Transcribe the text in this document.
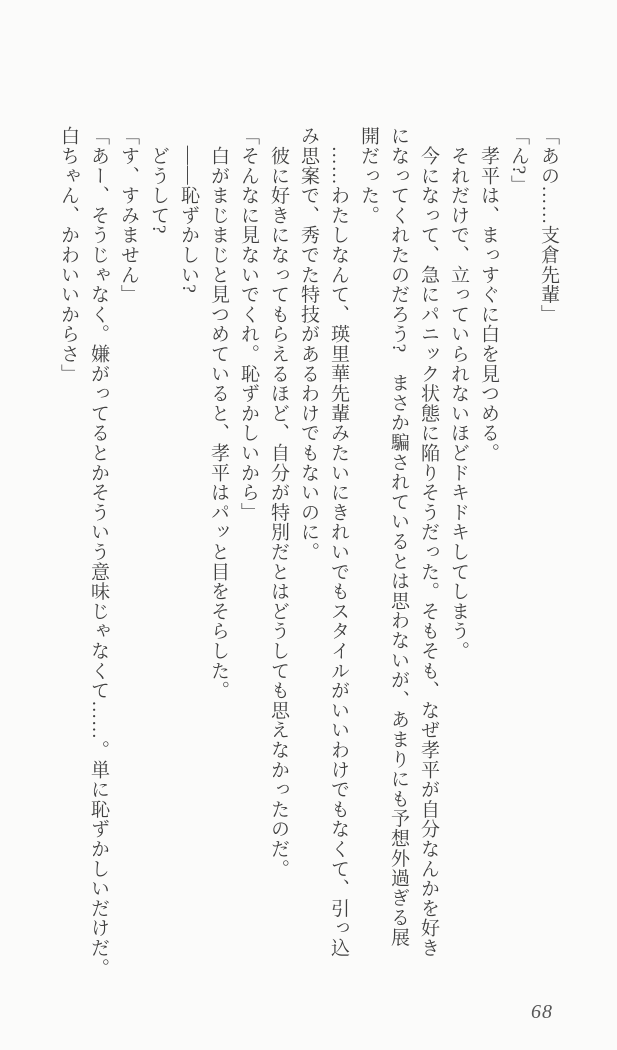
「あの……支倉先輩」
「ん?」
　孝平は、まっすぐに白を見つめる。
　それだけで、立っていられないほどドキドキしてしまう。
　今になって、急にパニック状態に陥りそうだった。そもそも、なぜ孝平が自分なんかを好き
になってくれたのだろう?　まさか騙されているとは思わないが、あまりにも予想外過ぎる展
開だった。
　……わたしなんて、瑛里華先輩みたいにきれいでもスタイルがいいわけでもなくて、引っ込
み思案で、秀でた特技があるわけでもないのに。
　彼に好きになってもらえるほど、自分が特別だとはどうしても思えなかったのだ。
「そんなに見ないでくれ。恥ずかしいから」
　白がまじまじと見つめていると、孝平はパッと目をそらした。
　――恥ずかしい?
　どうして?
「す、すみません」
「あー、そうじゃなく。嫌がってるとかそういう意味じゃなくて……。単に恥ずかしいだけだ。
白ちゃん、かわいいからさ」
68
